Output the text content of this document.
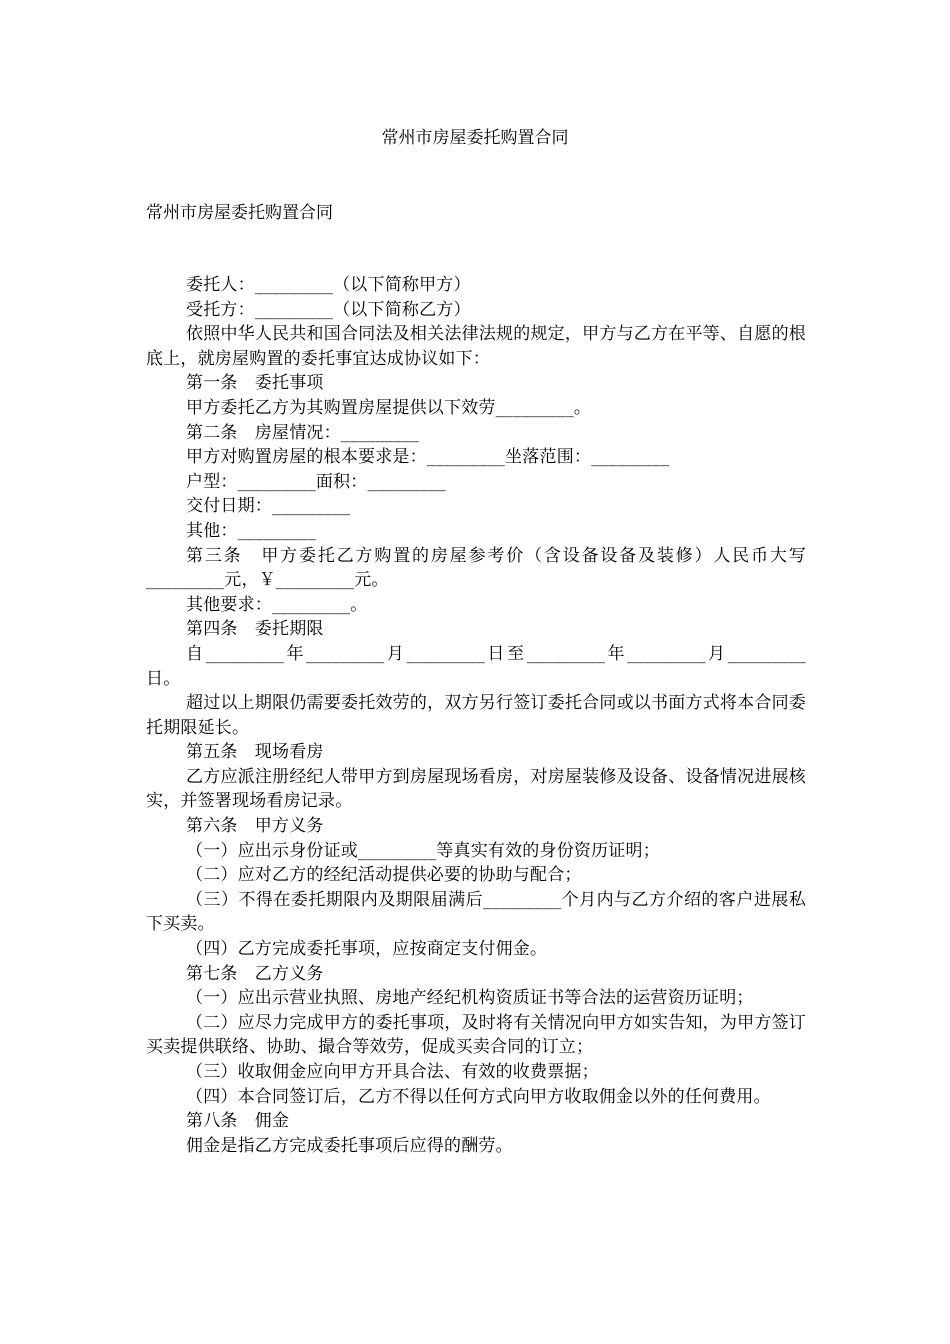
常州市房屋委托购置合同
常州市房屋委托购置合同

委托人：_________（以下简称甲方）

受托方：_________（以下简称乙方）

依照中华人民共和国合同法及相关法律法规的规定，甲方与乙方在平等、自愿的根底上，就房屋购置的委托事宜达成协议如下：

第一条　委托事项

甲方委托乙方为其购置房屋提供以下效劳_________。

第二条　房屋情况：_________

甲方对购置房屋的根本要求是：_________坐落范围：_________

户型：_________面积：_________

交付日期：_________

其他：_________

第三条　甲方委托乙方购置的房屋参考价（含设备设备及装修）人民币大写_________元，￥_________元。

其他要求：_________。

第四条　委托期限

自_________年_________月_________日至_________年_________月_________日。

超过以上期限仍需要委托效劳的，双方另行签订委托合同或以书面方式将本合同委托期限延长。

第五条　现场看房

乙方应派注册经纪人带甲方到房屋现场看房，对房屋装修及设备、设备情况进展核实，并签署现场看房记录。

第六条　甲方义务

（一）应出示身份证或_________等真实有效的身份资历证明；

（二）应对乙方的经纪活动提供必要的协助与配合；

（三）不得在委托期限内及期限届满后_________个月内与乙方介绍的客户进展私下买卖。

（四）乙方完成委托事项，应按商定支付佣金。

第七条　乙方义务

（一）应出示营业执照、房地产经纪机构资质证书等合法的运营资历证明；

（二）应尽力完成甲方的委托事项，及时将有关情况向甲方如实告知，为甲方签订买卖提供联络、协助、撮合等效劳，促成买卖合同的订立；

（三）收取佣金应向甲方开具合法、有效的收费票据；

（四）本合同签订后，乙方不得以任何方式向甲方收取佣金以外的任何费用。

第八条　佣金

佣金是指乙方完成委托事项后应得的酬劳。
